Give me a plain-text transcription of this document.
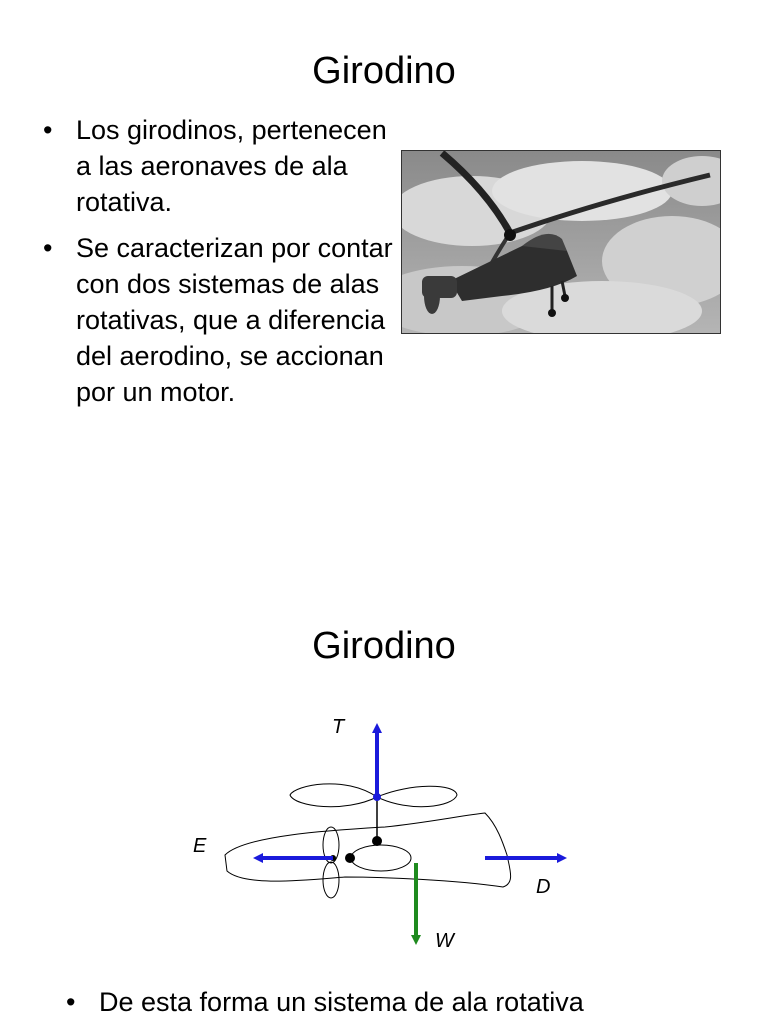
Girodino
• Los girodinos, pertenecen a las aeronaves de ala rotativa.
• Se caracterizan por contar con dos sistemas de alas rotativas, que a diferencia del aerodino, se accionan por un motor.
Girodino
T
E
D
W
• De esta forma un sistema de ala rotativa
